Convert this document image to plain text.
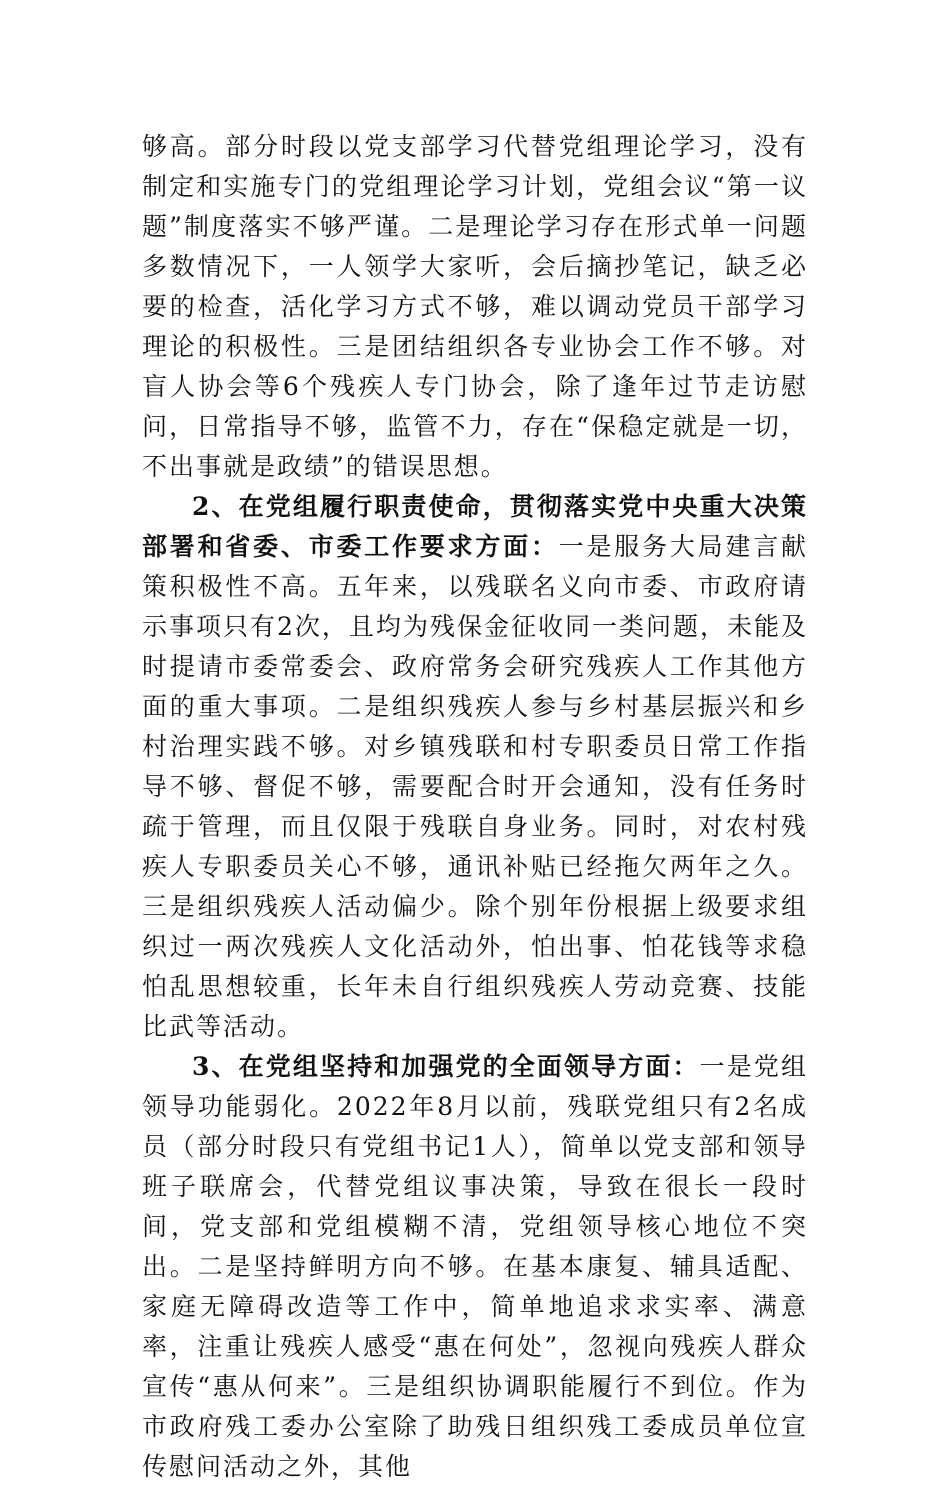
够高。部分时段以党支部学习代替党组理论学习，没有制定和实施专门的党组理论学习计划，党组会议“第一议题”制度落实不够严谨。二是理论学习存在形式单一问题多数情况下，一人领学大家听，会后摘抄笔记，缺乏必要的检查，活化学习方式不够，难以调动党员干部学习理论的积极性。三是团结组织各专业协会工作不够。对盲人协会等6个残疾人专门协会，除了逢年过节走访慰问，日常指导不够，监管不力，存在“保稳定就是一切，不出事就是政绩”的错误思想。

2、在党组履行职责使命，贯彻落实党中央重大决策部署和省委、市委工作要求方面：一是服务大局建言献策积极性不高。五年来，以残联名义向市委、市政府请示事项只有2次，且均为残保金征收同一类问题，未能及时提请市委常委会、政府常务会研究残疾人工作其他方面的重大事项。二是组织残疾人参与乡村基层振兴和乡村治理实践不够。对乡镇残联和村专职委员日常工作指导不够、督促不够，需要配合时开会通知，没有任务时疏于管理，而且仅限于残联自身业务。同时，对农村残疾人专职委员关心不够，通讯补贴已经拖欠两年之久。三是组织残疾人活动偏少。除个别年份根据上级要求组织过一两次残疾人文化活动外，怕出事、怕花钱等求稳怕乱思想较重，长年未自行组织残疾人劳动竞赛、技能比武等活动。

3、在党组坚持和加强党的全面领导方面：一是党组领导功能弱化。2022年8月以前，残联党组只有2名成员（部分时段只有党组书记1人），简单以党支部和领导班子联席会，代替党组议事决策，导致在很长一段时间，党支部和党组模糊不清，党组领导核心地位不突出。二是坚持鲜明方向不够。在基本康复、辅具适配、家庭无障碍改造等工作中，简单地追求求实率、满意率，注重让残疾人感受“惠在何处”，忽视向残疾人群众宣传“惠从何来”。三是组织协调职能履行不到位。作为市政府残工委办公室除了助残日组织残工委成员单位宣传慰问活动之外，其他
